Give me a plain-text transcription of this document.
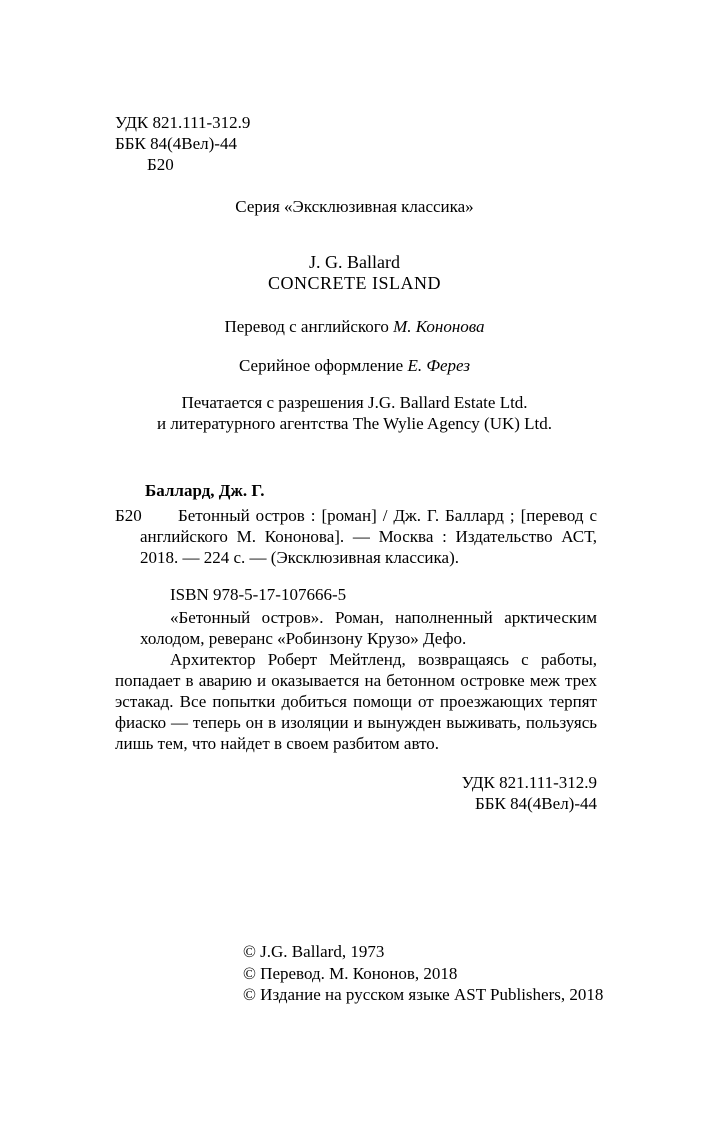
УДК 821.111-312.9
ББК 84(4Вел)-44
Б20
Серия «Эксклюзивная классика»
J. G. Ballard
CONCRETE ISLAND
Перевод с английского М. Кононова
Серийное оформление Е. Ферез
Печатается с разрешения J.G. Ballard Estate Ltd.
и литературного агентства The Wylie Agency (UK) Ltd.
Баллард, Дж. Г.
Б20	Бетонный остров : [роман] / Дж. Г. Баллард ; [перевод с английского М. Кононова]. — Москва : Издательство АСТ, 2018. — 224 с. — (Эксклюзивная классика).

ISBN 978-5-17-107666-5

«Бетонный остров». Роман, наполненный арктическим холодом, реверанс «Робинзону Крузо» Дефо.

Архитектор Роберт Мейтленд, возвращаясь с работы, попадает в аварию и оказывается на бетонном островке меж трех эстакад. Все попытки добиться помощи от проезжающих терпят фиаско — теперь он в изоляции и вынужден выживать, пользуясь лишь тем, что найдет в своем разбитом авто.

УДК 821.111-312.9
ББК 84(4Вел)-44
© J.G. Ballard, 1973
© Перевод. М. Кононов, 2018
© Издание на русском языке AST Publishers, 2018
